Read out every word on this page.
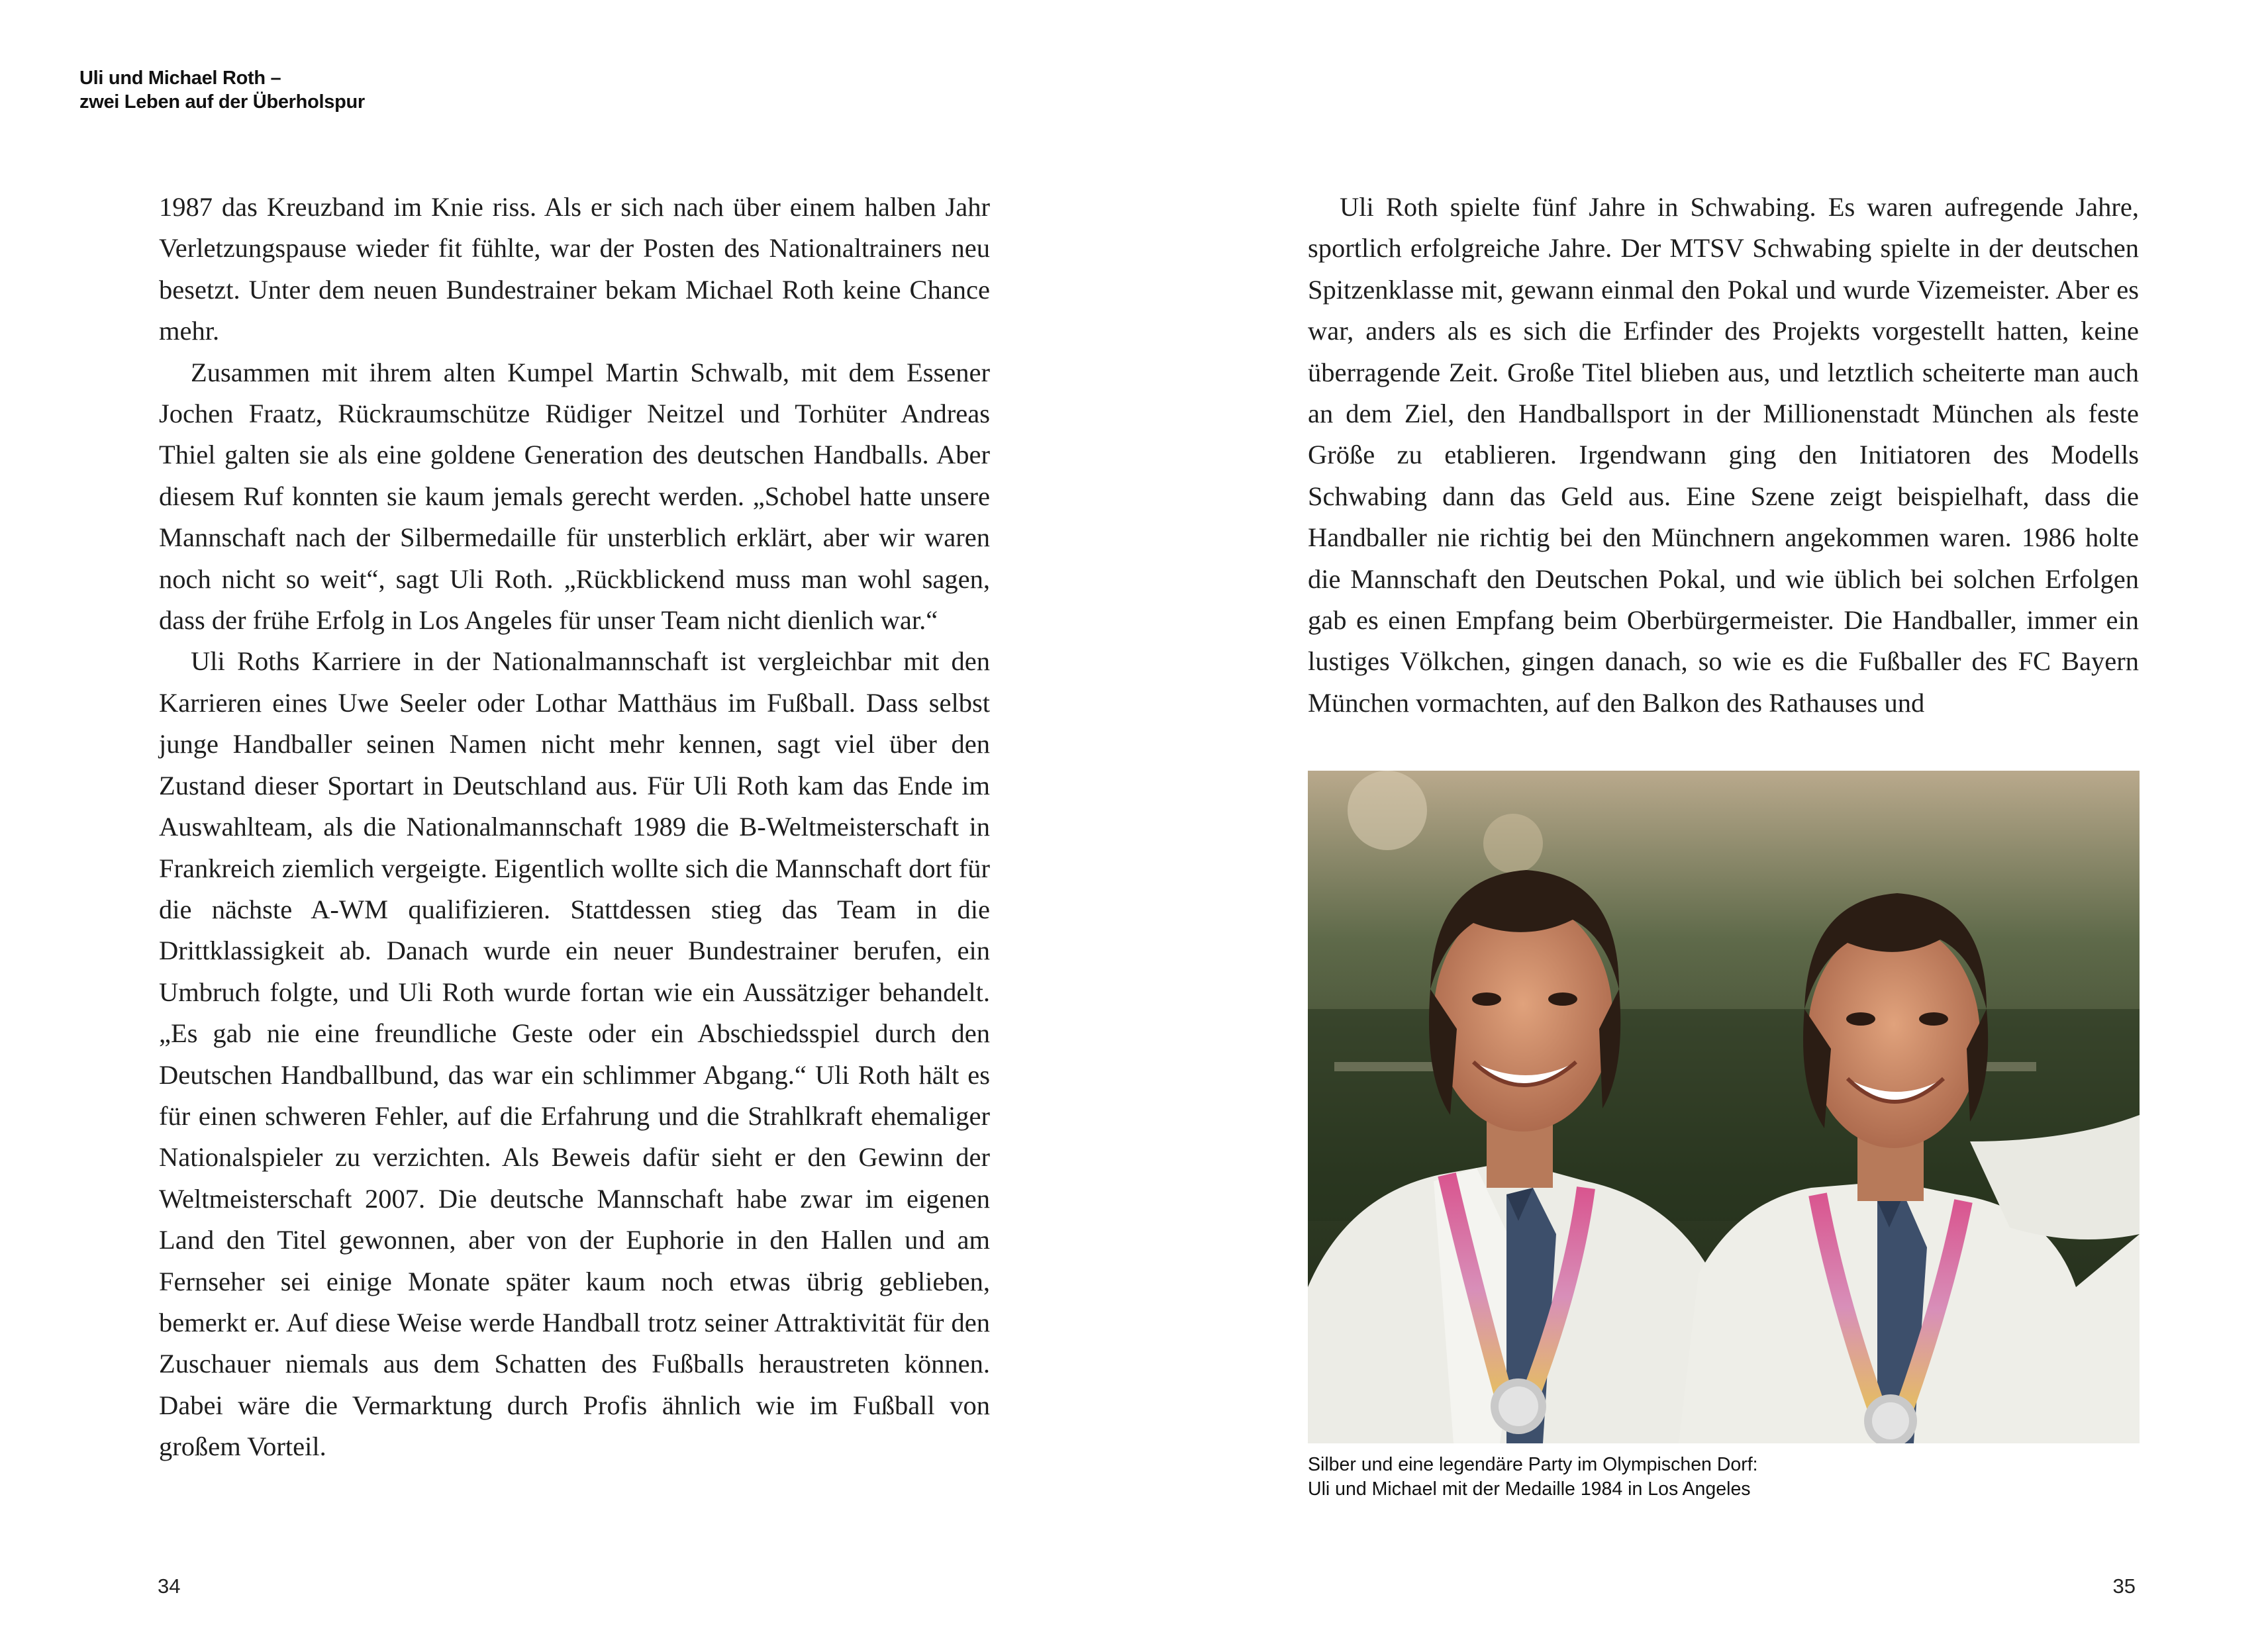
Uli und Michael Roth –
zwei Leben auf der Überholspur

1987 das Kreuzband im Knie riss. Als er sich nach über einem halben Jahr Verletzungspause wieder fit fühlte, war der Posten des Nationaltrainers neu besetzt. Unter dem neuen Bundestrainer bekam Michael Roth keine Chance mehr.

Zusammen mit ihrem alten Kumpel Martin Schwalb, mit dem Essener Jochen Fraatz, Rückraumschütze Rüdiger Neitzel und Torhüter Andreas Thiel galten sie als eine goldene Generation des deutschen Handballs. Aber diesem Ruf konnten sie kaum jemals gerecht werden. „Schobel hatte unsere Mannschaft nach der Silbermedaille für unsterblich erklärt, aber wir waren noch nicht so weit“, sagt Uli Roth. „Rückblickend muss man wohl sagen, dass der frühe Erfolg in Los Angeles für unser Team nicht dienlich war.“

Uli Roths Karriere in der Nationalmannschaft ist vergleichbar mit den Karrieren eines Uwe Seeler oder Lothar Matthäus im Fußball. Dass selbst junge Handballer seinen Namen nicht mehr kennen, sagt viel über den Zustand dieser Sportart in Deutschland aus. Für Uli Roth kam das Ende im Auswahlteam, als die Nationalmannschaft 1989 die B-Weltmeisterschaft in Frankreich ziemlich vergeigte. Eigentlich wollte sich die Mannschaft dort für die nächste A-WM qualifizieren. Stattdessen stieg das Team in die Drittklassigkeit ab. Danach wurde ein neuer Bundestrainer berufen, ein Umbruch folgte, und Uli Roth wurde fortan wie ein Aussätziger behandelt. „Es gab nie eine freundliche Geste oder ein Abschiedsspiel durch den Deutschen Handballbund, das war ein schlimmer Abgang.“ Uli Roth hält es für einen schweren Fehler, auf die Erfahrung und die Strahlkraft ehemaliger Nationalspieler zu verzichten. Als Beweis dafür sieht er den Gewinn der Weltmeisterschaft 2007. Die deutsche Mannschaft habe zwar im eigenen Land den Titel gewonnen, aber von der Euphorie in den Hallen und am Fernseher sei einige Monate später kaum noch etwas übrig geblieben, bemerkt er. Auf diese Weise werde Handball trotz seiner Attraktivität für den Zuschauer niemals aus dem Schatten des Fußballs heraustreten können. Dabei wäre die Vermarktung durch Profis ähnlich wie im Fußball von großem Vorteil.

34

Uli Roth spielte fünf Jahre in Schwabing. Es waren aufregende Jahre, sportlich erfolgreiche Jahre. Der MTSV Schwabing spielte in der deutschen Spitzenklasse mit, gewann einmal den Pokal und wurde Vizemeister. Aber es war, anders als es sich die Erfinder des Projekts vorgestellt hatten, keine überragende Zeit. Große Titel blieben aus, und letztlich scheiterte man auch an dem Ziel, den Handballsport in der Millionenstadt München als feste Größe zu etablieren. Irgendwann ging den Initiatoren des Modells Schwabing dann das Geld aus. Eine Szene zeigt beispielhaft, dass die Handballer nie richtig bei den Münchnern angekommen waren. 1986 holte die Mannschaft den Deutschen Pokal, und wie üblich bei solchen Erfolgen gab es einen Empfang beim Oberbürgermeister. Die Handballer, immer ein lustiges Völkchen, gingen danach, so wie es die Fußballer des FC Bayern München vormachten, auf den Balkon des Rathauses und

Silber und eine legendäre Party im Olympischen Dorf:
Uli und Michael mit der Medaille 1984 in Los Angeles
35
